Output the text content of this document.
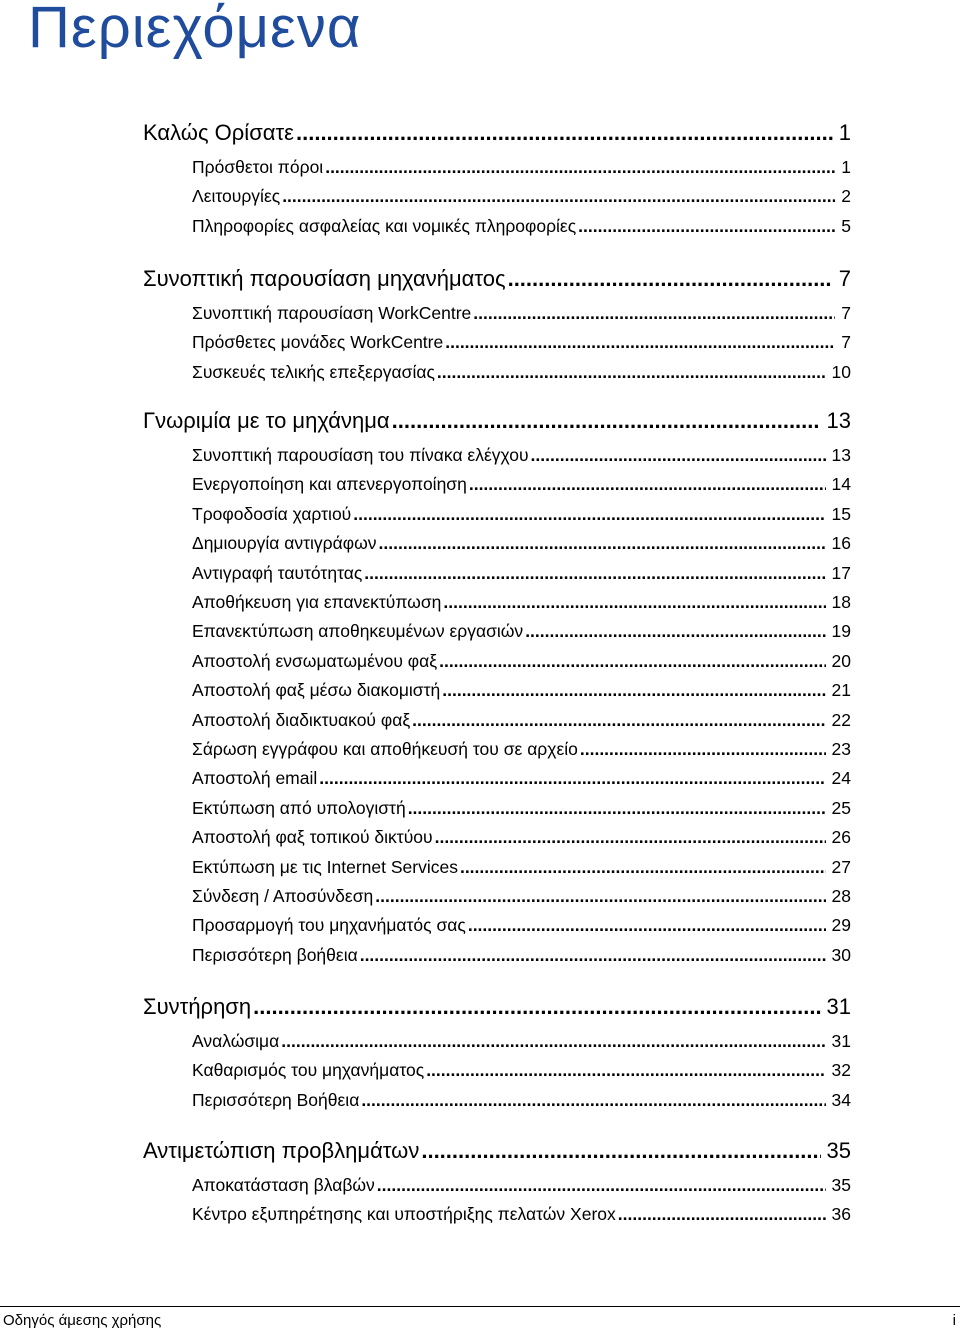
Περιεχόμενα
Καλώς Ορίσατε .....	1
Πρόσθετοι πόροι .....	1
Λειτουργίες .....	2
Πληροφορίες ασφαλείας και νομικές πληροφορίες .....	5
Συνοπτική παρουσίαση μηχανήματος .....	7
Συνοπτική παρουσίαση WorkCentre .....	7
Πρόσθετες μονάδες WorkCentre .....	7
Συσκευές τελικής επεξεργασίας .....	10
Γνωριμία με το μηχάνημα .....	13
Συνοπτική παρουσίαση του πίνακα ελέγχου .....	13
Ενεργοποίηση και απενεργοποίηση .....	14
Τροφοδοσία χαρτιού .....	15
Δημιουργία αντιγράφων .....	16
Αντιγραφή ταυτότητας .....	17
Αποθήκευση για επανεκτύπωση .....	18
Επανεκτύπωση αποθηκευμένων εργασιών .....	19
Αποστολή ενσωματωμένου φαξ .....	20
Αποστολή φαξ μέσω διακομιστή .....	21
Αποστολή διαδικτυακού φαξ .....	22
Σάρωση εγγράφου και αποθήκευσή του σε αρχείο .....	23
Αποστολή email .....	24
Εκτύπωση από υπολογιστή .....	25
Αποστολή φαξ τοπικού δικτύου .....	26
Εκτύπωση με τις Internet Services .....	27
Σύνδεση / Αποσύνδεση .....	28
Προσαρμογή του μηχανήματός σας .....	29
Περισσότερη βοήθεια .....	30
Συντήρηση .....	31
Αναλώσιμα .....	31
Καθαρισμός του μηχανήματος .....	32
Περισσότερη Βοήθεια .....	34
Αντιμετώπιση προβλημάτων .....	35
Αποκατάσταση βλαβών .....	35
Κέντρο εξυπηρέτησης και υποστήριξης πελατών Xerox .....	36
Οδηγός άμεσης χρήσης	i
